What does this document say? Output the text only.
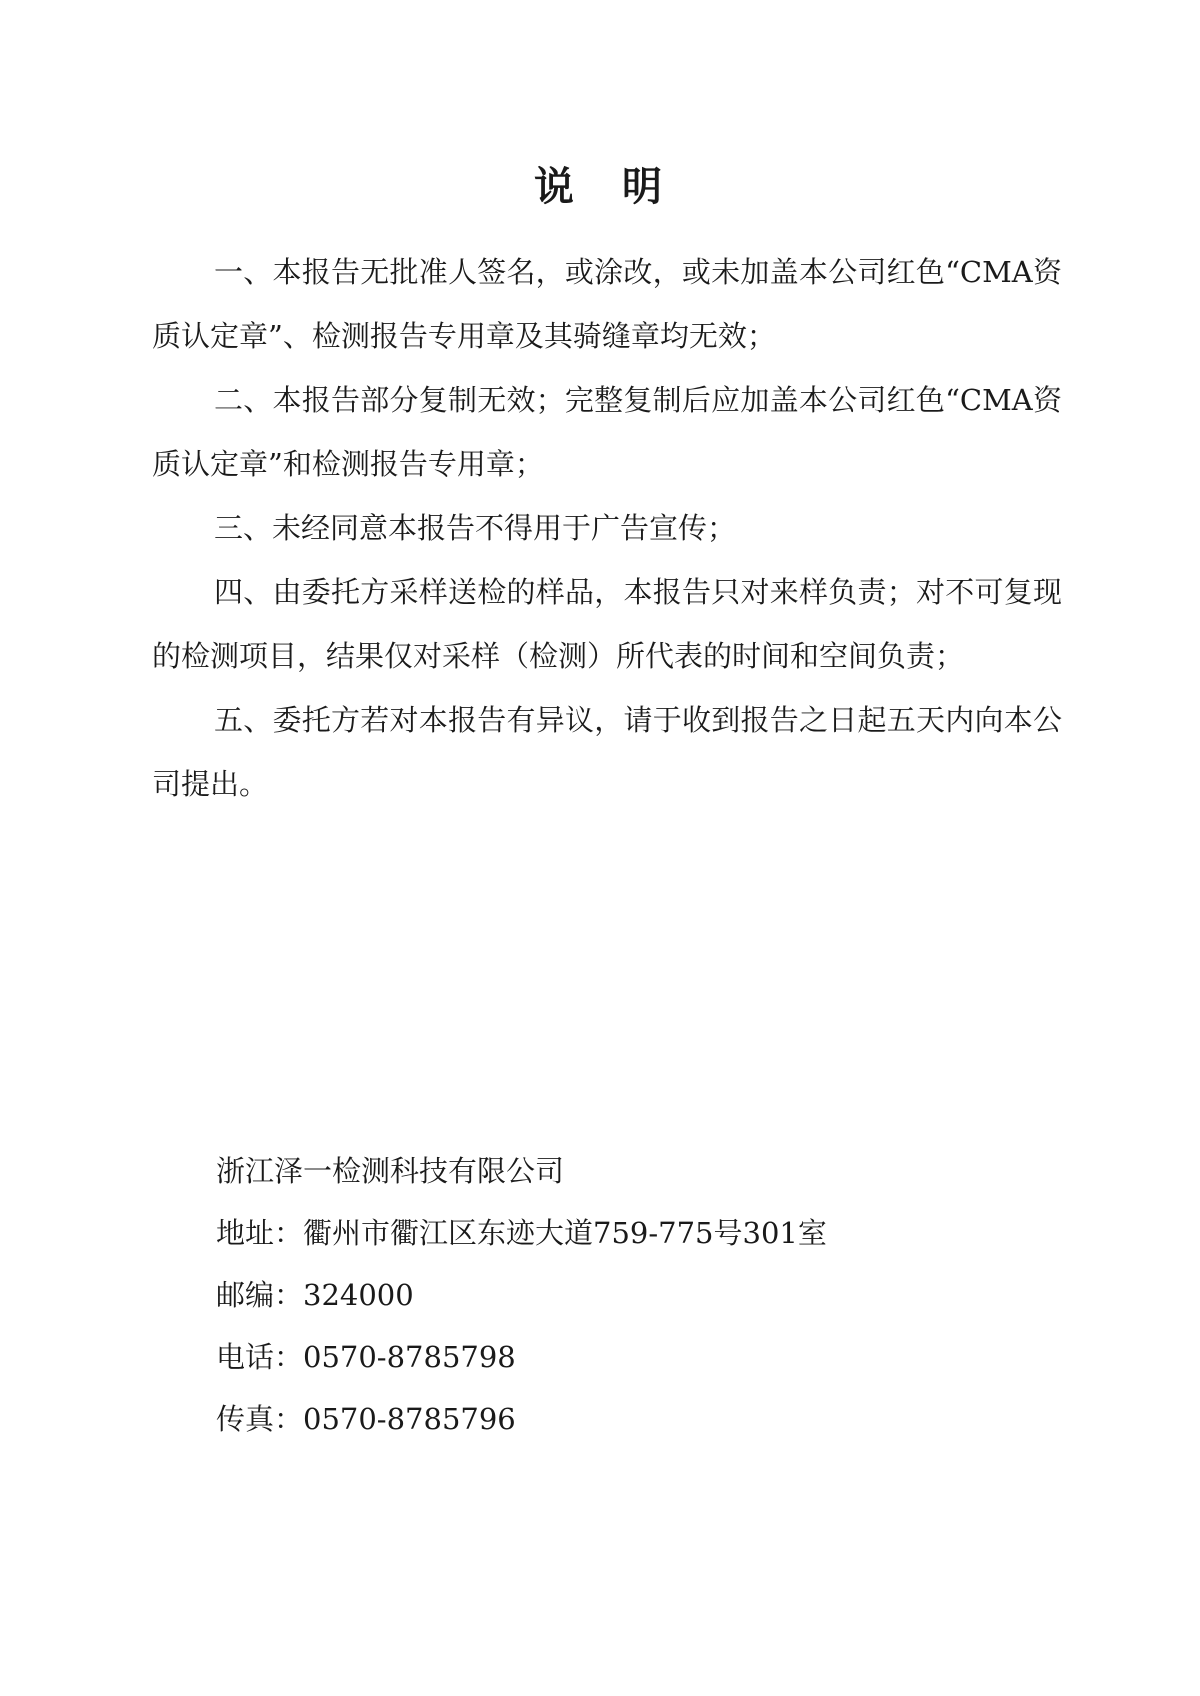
说　明

一、本报告无批准人签名，或涂改，或未加盖本公司红色“CMA资质认定章”、检测报告专用章及其骑缝章均无效；

二、本报告部分复制无效；完整复制后应加盖本公司红色“CMA资质认定章”和检测报告专用章；

三、未经同意本报告不得用于广告宣传；

四、由委托方采样送检的样品，本报告只对来样负责；对不可复现的检测项目，结果仅对采样（检测）所代表的时间和空间负责；

五、委托方若对本报告有异议，请于收到报告之日起五天内向本公司提出。

浙江泽一检测科技有限公司

地址：衢州市衢江区东迹大道759-775号301室

邮编：324000

电话：0570-8785798

传真：0570-8785796
